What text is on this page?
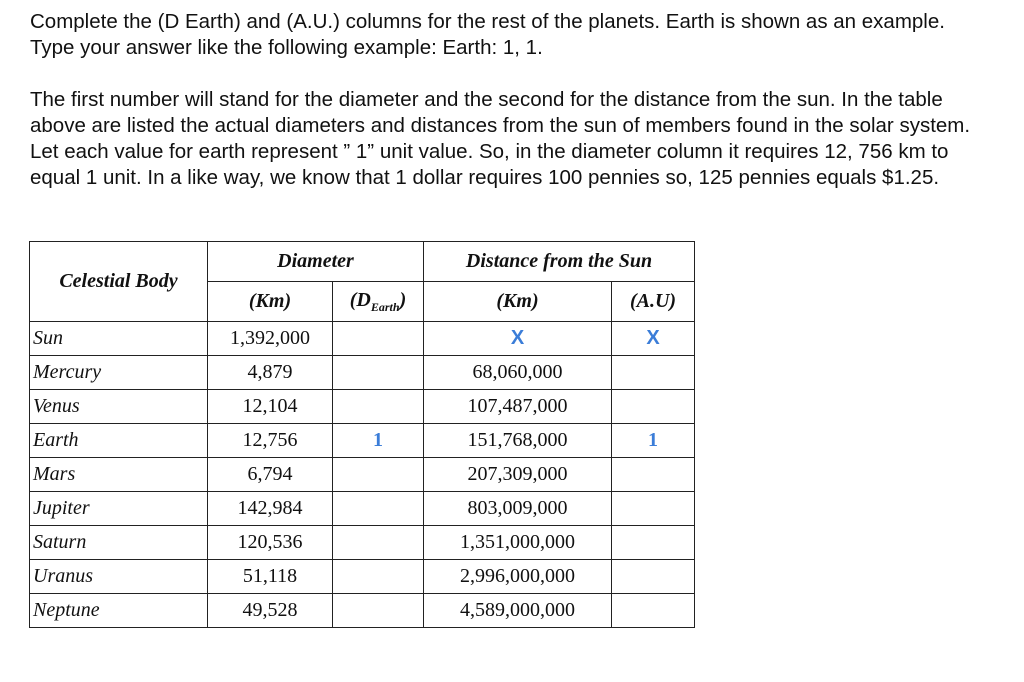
Complete the (D Earth) and (A.U.) columns for the rest of the planets. Earth is shown as an example. Type your answer like the following example: Earth: 1, 1.
The first number will stand for the diameter and the second for the distance from the sun. In the table above are listed the actual diameters and distances from the sun of members found in the solar system. Let each value for earth represent ” 1” unit value. So, in the diameter column it requires 12, 756 km to equal 1 unit. In a like way, we know that 1 dollar requires 100 pennies so, 125 pennies equals $1.25.
Celestial Body	Diameter		Distance from the Sun	
	(Km)	$(D_{Earth})$	(Km)	(A.U)
Sun	1,392,000		X	X
Mercury	4,879		68,060,000	
Venus	12,104		107,487,000	
Earth	12,756	1	151,768,000	1
Mars	6,794		207,309,000	
Jupiter	142,984		803,009,000	
Saturn	120,536		1,351,000,000	
Uranus	51,118		2,996,000,000	
Neptune	49,528		4,589,000,000	
